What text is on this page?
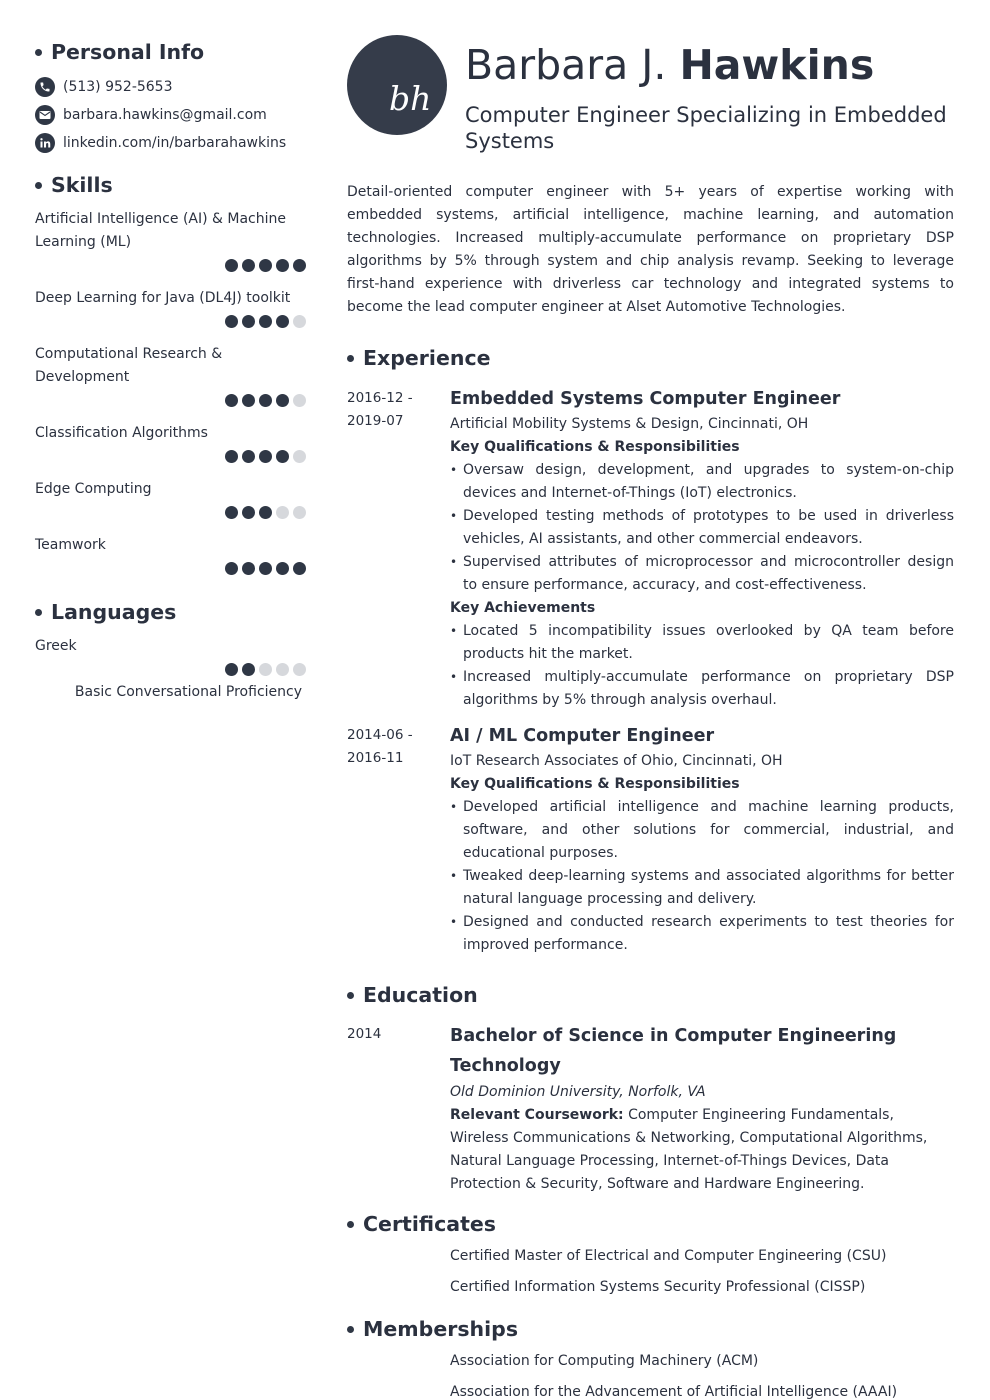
Personal Info
(513) 952-5653
barbara.hawkins@gmail.com
linkedin.com/in/barbarahawkins
Skills
Artificial Intelligence (AI) & Machine Learning (ML)
Deep Learning for Java (DL4J) toolkit
Computational Research & Development
Classification Algorithms
Edge Computing
Teamwork
Languages
Greek
Basic Conversational Proficiency
bh
Barbara J. Hawkins
Computer Engineer Specializing in Embedded Systems

Detail-oriented computer engineer with 5+ years of expertise working with embedded systems, artificial intelligence, machine learning, and automation technologies. Increased multiply-accumulate performance on proprietary DSP algorithms by 5% through system and chip analysis revamp. Seeking to leverage first-hand experience with driverless car technology and integrated systems to become the lead computer engineer at Alset Automotive Technologies.

Experience
2016-12 -
2019-07
Embedded Systems Computer Engineer
Artificial Mobility Systems & Design, Cincinnati, OH
Key Qualifications & Responsibilities
• Oversaw design, development, and upgrades to system-on-chip devices and Internet-of-Things (IoT) electronics.
• Developed testing methods of prototypes to be used in driverless vehicles, AI assistants, and other commercial endeavors.
• Supervised attributes of microprocessor and microcontroller design to ensure performance, accuracy, and cost-effectiveness.
Key Achievements
• Located 5 incompatibility issues overlooked by QA team before products hit the market.
• Increased multiply-accumulate performance on proprietary DSP algorithms by 5% through analysis overhaul.
2014-06 -
2016-11
AI / ML Computer Engineer
IoT Research Associates of Ohio, Cincinnati, OH
Key Qualifications & Responsibilities
• Developed artificial intelligence and machine learning products, software, and other solutions for commercial, industrial, and educational purposes.
• Tweaked deep-learning systems and associated algorithms for better natural language processing and delivery.
• Designed and conducted research experiments to test theories for improved performance.
Education
2014	Bachelor of Science in Computer Engineering Technology
Old Dominion University, Norfolk, VA
Relevant Coursework: Computer Engineering Fundamentals, Wireless Communications & Networking, Computational Algorithms, Natural Language Processing, Internet-of-Things Devices, Data Protection & Security, Software and Hardware Engineering.
Certificates
Certified Master of Electrical and Computer Engineering (CSU)
Certified Information Systems Security Professional (CISSP)
Memberships
Association for Computing Machinery (ACM)
Association for the Advancement of Artificial Intelligence (AAAI)
